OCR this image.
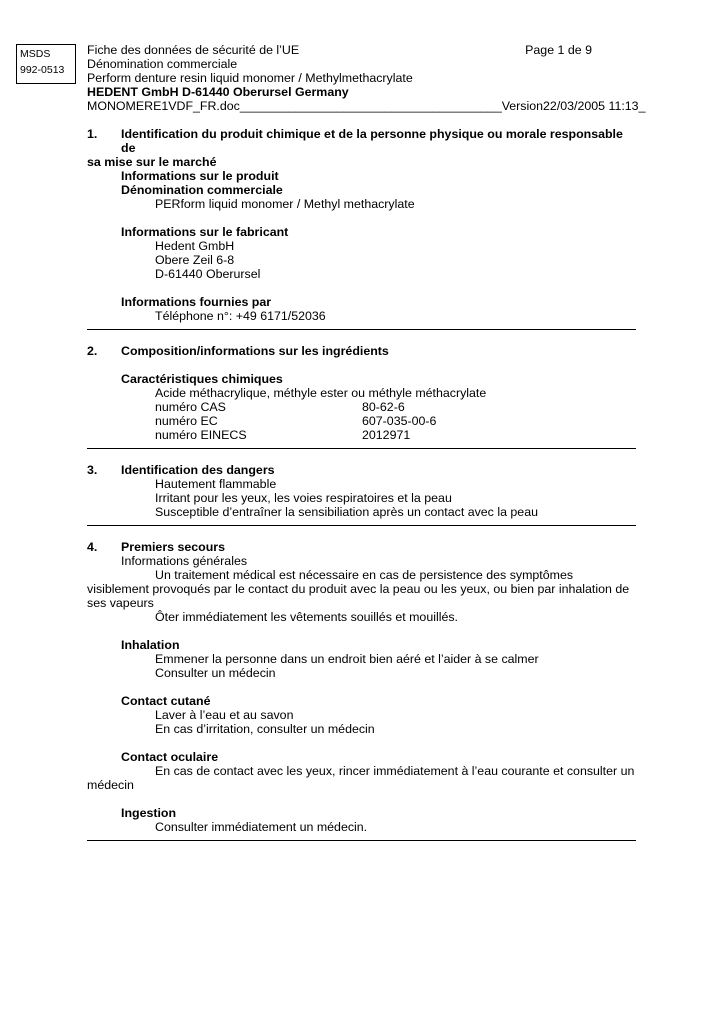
MSDS
992-0513
Fiche des données de sécurité de l’UE	Page 1 de 9
Dénomination commerciale
Perform denture resin liquid monomer / Methylmethacrylate
HEDENT GmbH D-61440 Oberursel Germany
MONOMERE1VDF_FR.doc______________________________________Version22/03/2005 11:13_
1.	Identification du produit chimique et de la personne physique ou morale responsable de
sa mise sur le marché
Informations sur le produit
Dénomination commerciale
PERform liquid monomer / Methyl methacrylate
Informations sur le fabricant
Hedent GmbH
Obere Zeil 6-8
D-61440 Oberursel
Informations fournies par
Téléphone n°: +49 6171/52036
2.	Composition/informations sur les ingrédients
Caractéristiques chimiques
Acide méthacrylique, méthyle ester ou méthyle méthacrylate
numéro CAS	80-62-6
numéro EC	607-035-00-6
numéro EINECS	2012971
3.	Identification des dangers
Hautement flammable
Irritant pour les yeux, les voies respiratoires et la peau
Susceptible d’entraîner la sensibiliation après un contact avec la peau
4.	Premiers secours
Informations générales
Un traitement médical est nécessaire en cas de persistence des symptômes visiblement provoqués par le contact du produit avec la peau ou les yeux, ou bien par inhalation de ses vapeurs
Ôter immédiatement les vêtements souillés et mouillés.
Inhalation
Emmener la personne dans un endroit bien aéré et l’aider à se calmer
Consulter un médecin
Contact cutané
Laver à l’eau et au savon
En cas d’irritation, consulter un médecin
Contact oculaire
En cas de contact avec les yeux, rincer immédiatement à l’eau courante et consulter un médecin
Ingestion
Consulter immédiatement un médecin.
